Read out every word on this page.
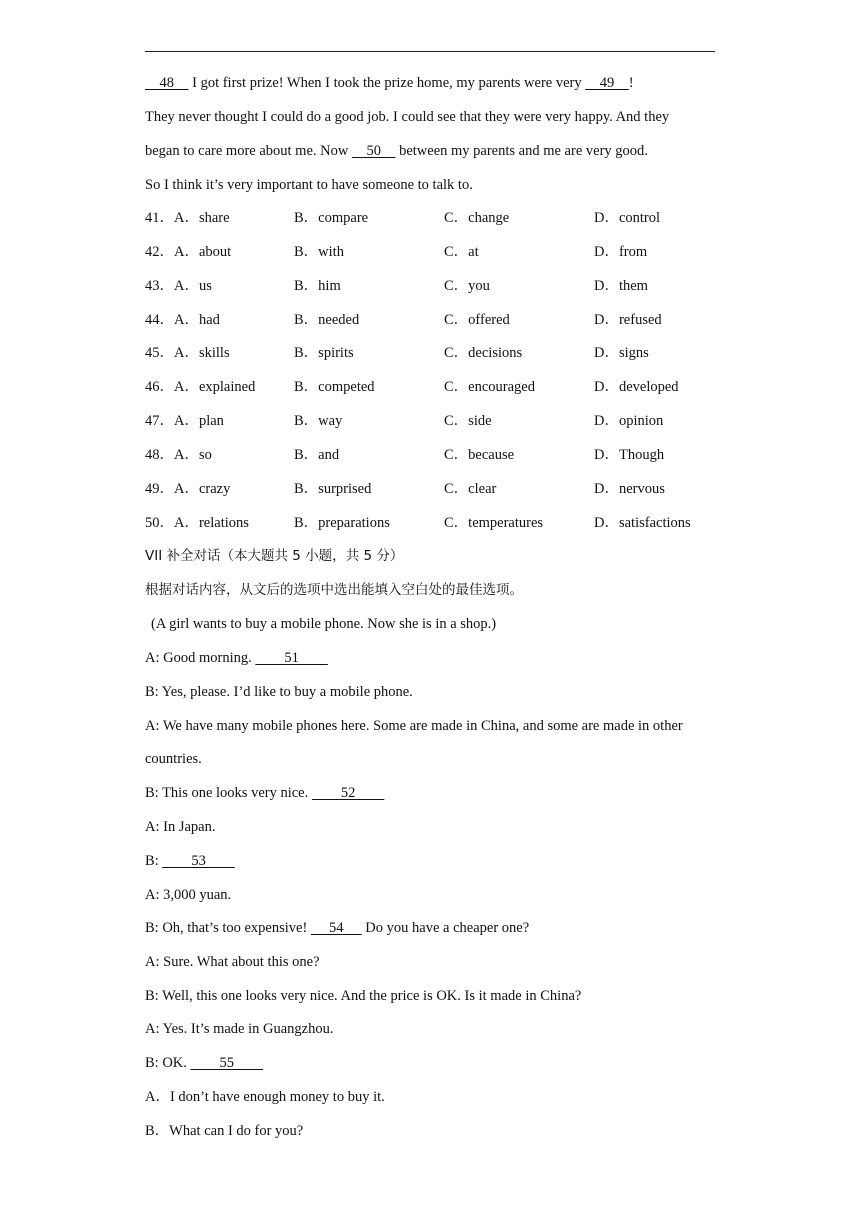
48     I got first prize! When I took the prize home, my parents were very     49    !
They never thought I could do a good job. I could see that they were very happy. And they
began to care more about me. Now     50     between my parents and me are very good.
So I think it’s very important to have someone to talk to.
41．A．share	B．compare	C．change	D．control
42．A．about	B．with	C．at	D．from
43．A．us	B．him	C．you	D．them
44．A．had	B．needed	C．offered	D．refused
45．A．skills	B．spirits	C．decisions	D．signs
46．A．explained	B．competed	C．encouraged	D．developed
47．A．plan	B．way	C．side	D．opinion
48．A．so	B．and	C．because	D．Though
49．A．crazy	B．surprised	C．clear	D．nervous
50．A．relations	B．preparations	C．temperatures	D．satisfactions
VII 补全对话（本大题共 5 小题，共 5 分）
根据对话内容，从文后的选项中选出能填入空白处的最佳选项。
(A girl wants to buy a mobile phone. Now she is in a shop.)
A: Good morning.         51
B: Yes, please. I’d like to buy a mobile phone.
A: We have many mobile phones here. Some are made in China, and some are made in other
countries.
B: This one looks very nice.         52
A: In Japan.
B:         53
A: 3,000 yuan.
B: Oh, that’s too expensive!      54      Do you have a cheaper one?
A: Sure. What about this one?
B: Well, this one looks very nice. And the price is OK. Is it made in China?
A: Yes. It’s made in Guangzhou.
B: OK.         55
A．I don’t have enough money to buy it.
B．What can I do for you?
